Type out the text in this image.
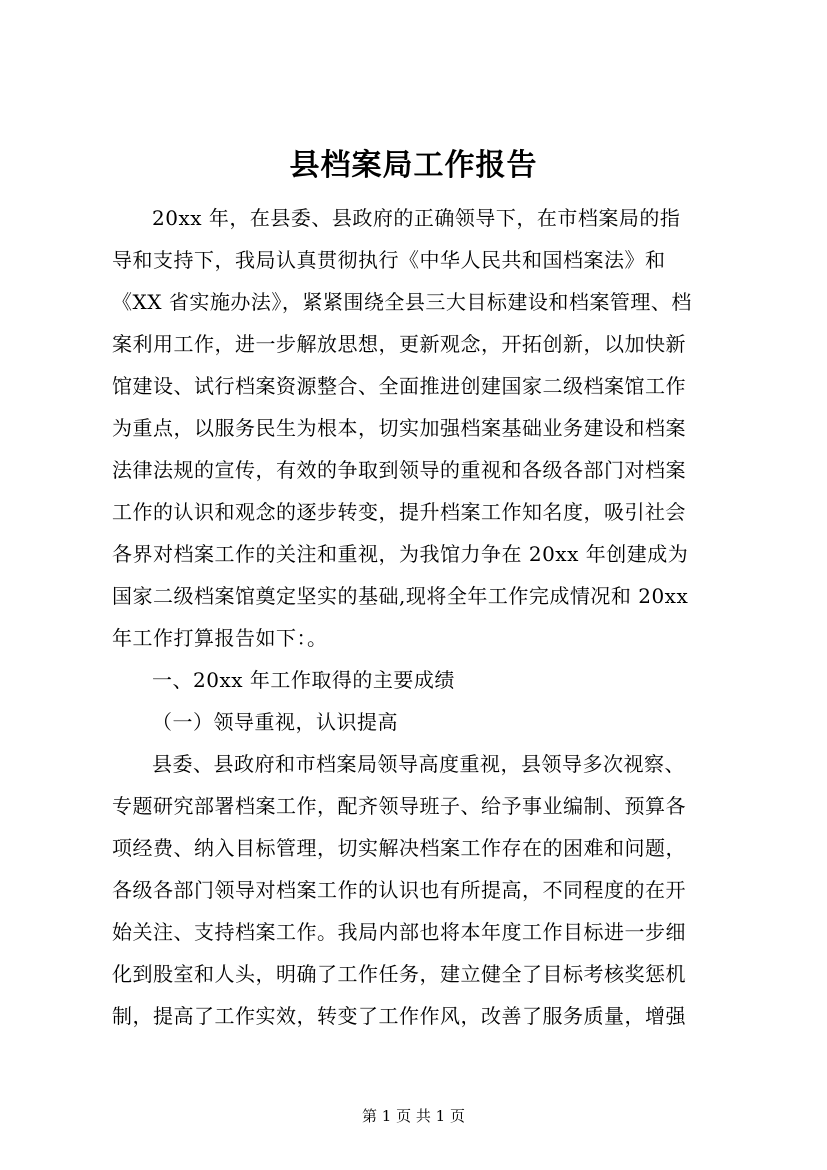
县档案局工作报告
20xx 年，在县委、县政府的正确领导下，在市档案局的指
导和支持下，我局认真贯彻执行《中华人民共和国档案法》和
《XX 省实施办法》，紧紧围绕全县三大目标建设和档案管理、档
案利用工作，进一步解放思想，更新观念，开拓创新，以加快新
馆建设、试行档案资源整合、全面推进创建国家二级档案馆工作
为重点，以服务民生为根本，切实加强档案基础业务建设和档案
法律法规的宣传，有效的争取到领导的重视和各级各部门对档案
工作的认识和观念的逐步转变，提升档案工作知名度，吸引社会
各界对档案工作的关注和重视，为我馆力争在 20xx 年创建成为
国家二级档案馆奠定坚实的基础,现将全年工作完成情况和 20xx
年工作打算报告如下：。
一、20xx 年工作取得的主要成绩
（一）领导重视，认识提高
县委、县政府和市档案局领导高度重视，县领导多次视察、
专题研究部署档案工作，配齐领导班子、给予事业编制、预算各
项经费、纳入目标管理，切实解决档案工作存在的困难和问题，
各级各部门领导对档案工作的认识也有所提高，不同程度的在开
始关注、支持档案工作。我局内部也将本年度工作目标进一步细
化到股室和人头，明确了工作任务，建立健全了目标考核奖惩机
制，提高了工作实效，转变了工作作风，改善了服务质量，增强
第 1 页 共 1 页
